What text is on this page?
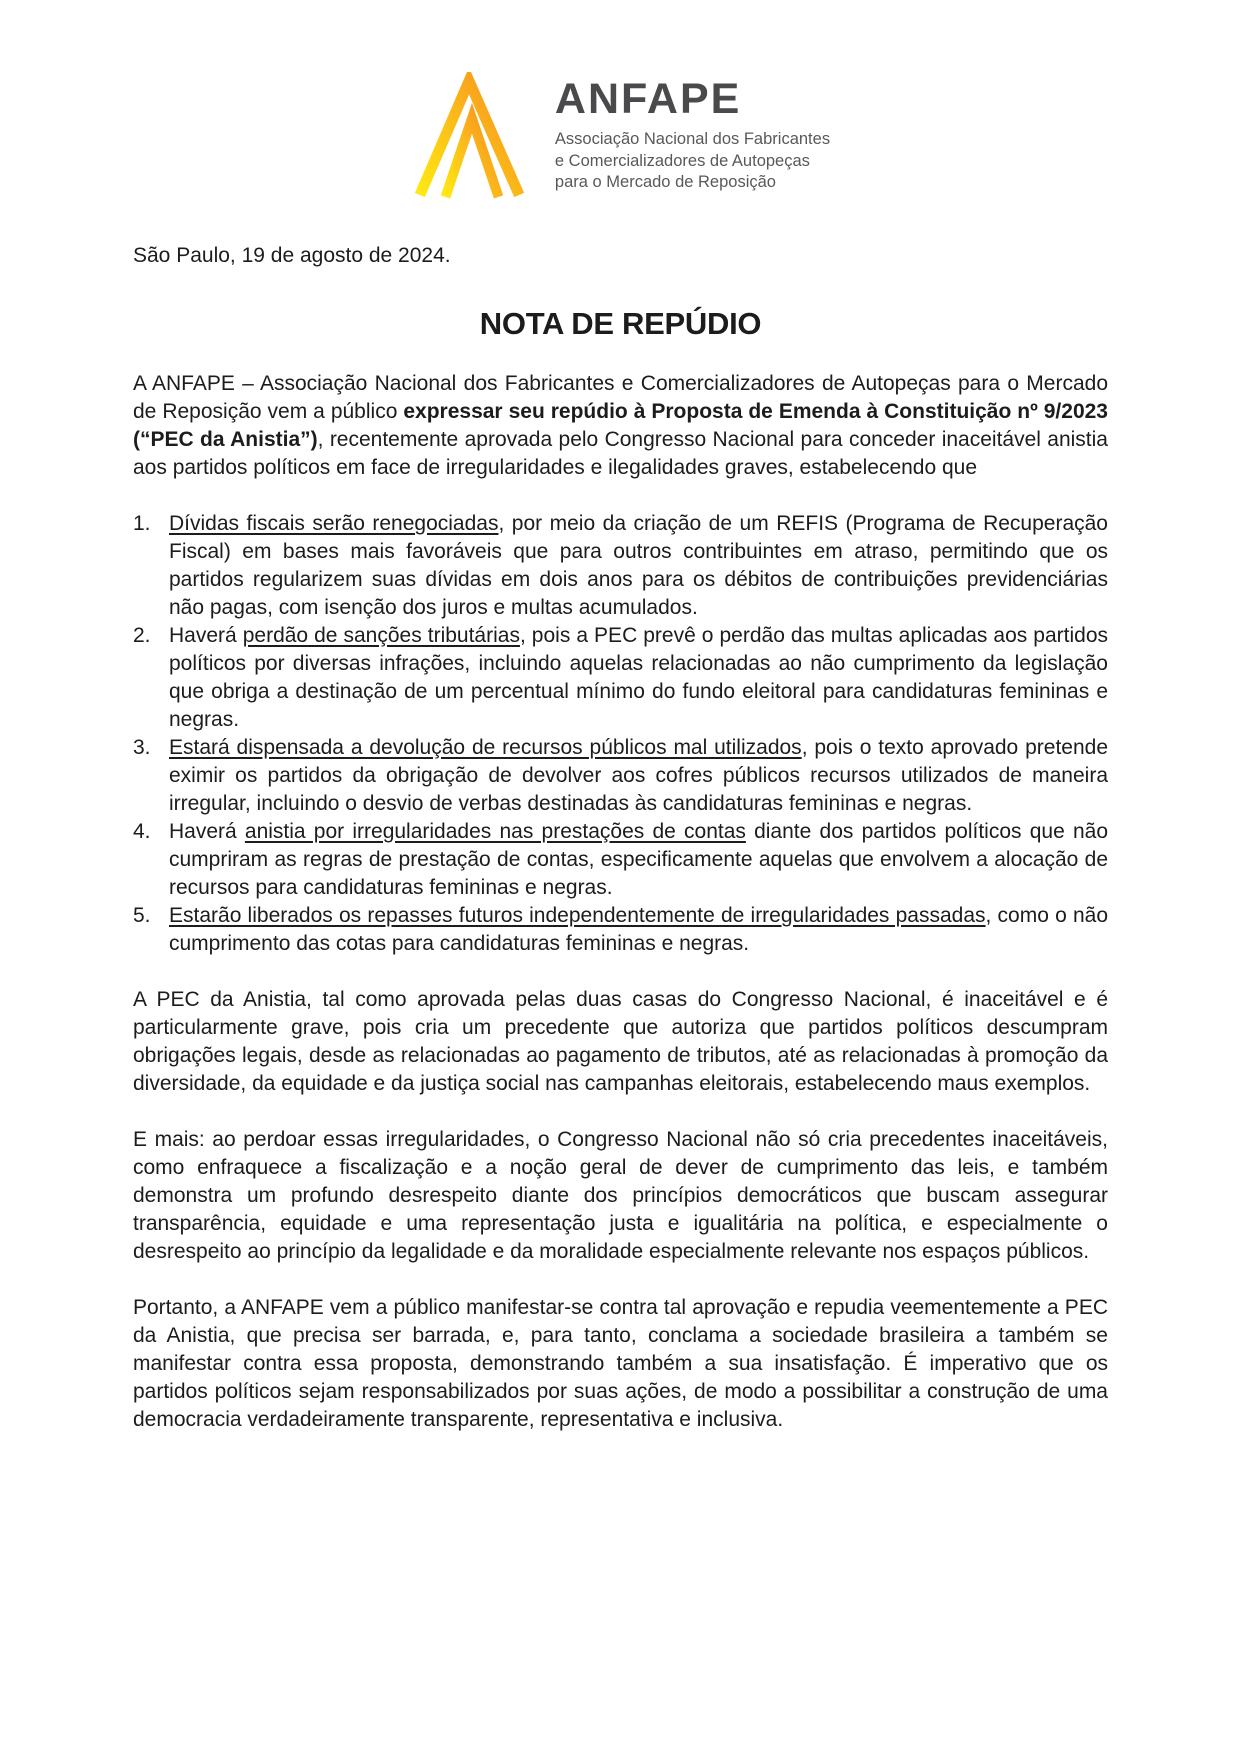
ANFAPE
Associação Nacional dos Fabricantes
e Comercializadores de Autopeças
para o Mercado de Reposição
São Paulo, 19 de agosto de 2024.
NOTA DE REPÚDIO

A ANFAPE – Associação Nacional dos Fabricantes e Comercializadores de Autopeças para o Mercado de Reposição vem a público expressar seu repúdio à Proposta de Emenda à Constituição nº 9/2023 (“PEC da Anistia”), recentemente aprovada pelo Congresso Nacional para conceder inaceitável anistia aos partidos políticos em face de irregularidades e ilegalidades graves, estabelecendo que

1. Dívidas fiscais serão renegociadas, por meio da criação de um REFIS (Programa de Recuperação Fiscal) em bases mais favoráveis que para outros contribuintes em atraso, permitindo que os partidos regularizem suas dívidas em dois anos para os débitos de contribuições previdenciárias não pagas, com isenção dos juros e multas acumulados.
2. Haverá perdão de sanções tributárias, pois a PEC prevê o perdão das multas aplicadas aos partidos políticos por diversas infrações, incluindo aquelas relacionadas ao não cumprimento da legislação que obriga a destinação de um percentual mínimo do fundo eleitoral para candidaturas femininas e negras.
3. Estará dispensada a devolução de recursos públicos mal utilizados, pois o texto aprovado pretende eximir os partidos da obrigação de devolver aos cofres públicos recursos utilizados de maneira irregular, incluindo o desvio de verbas destinadas às candidaturas femininas e negras.
4. Haverá anistia por irregularidades nas prestações de contas diante dos partidos políticos que não cumpriram as regras de prestação de contas, especificamente aquelas que envolvem a alocação de recursos para candidaturas femininas e negras.
5. Estarão liberados os repasses futuros independentemente de irregularidades passadas, como o não cumprimento das cotas para candidaturas femininas e negras.

A PEC da Anistia, tal como aprovada pelas duas casas do Congresso Nacional, é inaceitável e é particularmente grave, pois cria um precedente que autoriza que partidos políticos descumpram obrigações legais, desde as relacionadas ao pagamento de tributos, até as relacionadas à promoção da diversidade, da equidade e da justiça social nas campanhas eleitorais, estabelecendo maus exemplos.

E mais: ao perdoar essas irregularidades, o Congresso Nacional não só cria precedentes inaceitáveis, como enfraquece a fiscalização e a noção geral de dever de cumprimento das leis, e também demonstra um profundo desrespeito diante dos princípios democráticos que buscam assegurar transparência, equidade e uma representação justa e igualitária na política, e especialmente o desrespeito ao princípio da legalidade e da moralidade especialmente relevante nos espaços públicos.

Portanto, a ANFAPE vem a público manifestar-se contra tal aprovação e repudia veementemente a PEC da Anistia, que precisa ser barrada, e, para tanto, conclama a sociedade brasileira a também se manifestar contra essa proposta, demonstrando também a sua insatisfação. É imperativo que os partidos políticos sejam responsabilizados por suas ações, de modo a possibilitar a construção de uma democracia verdadeiramente transparente, representativa e inclusiva.
